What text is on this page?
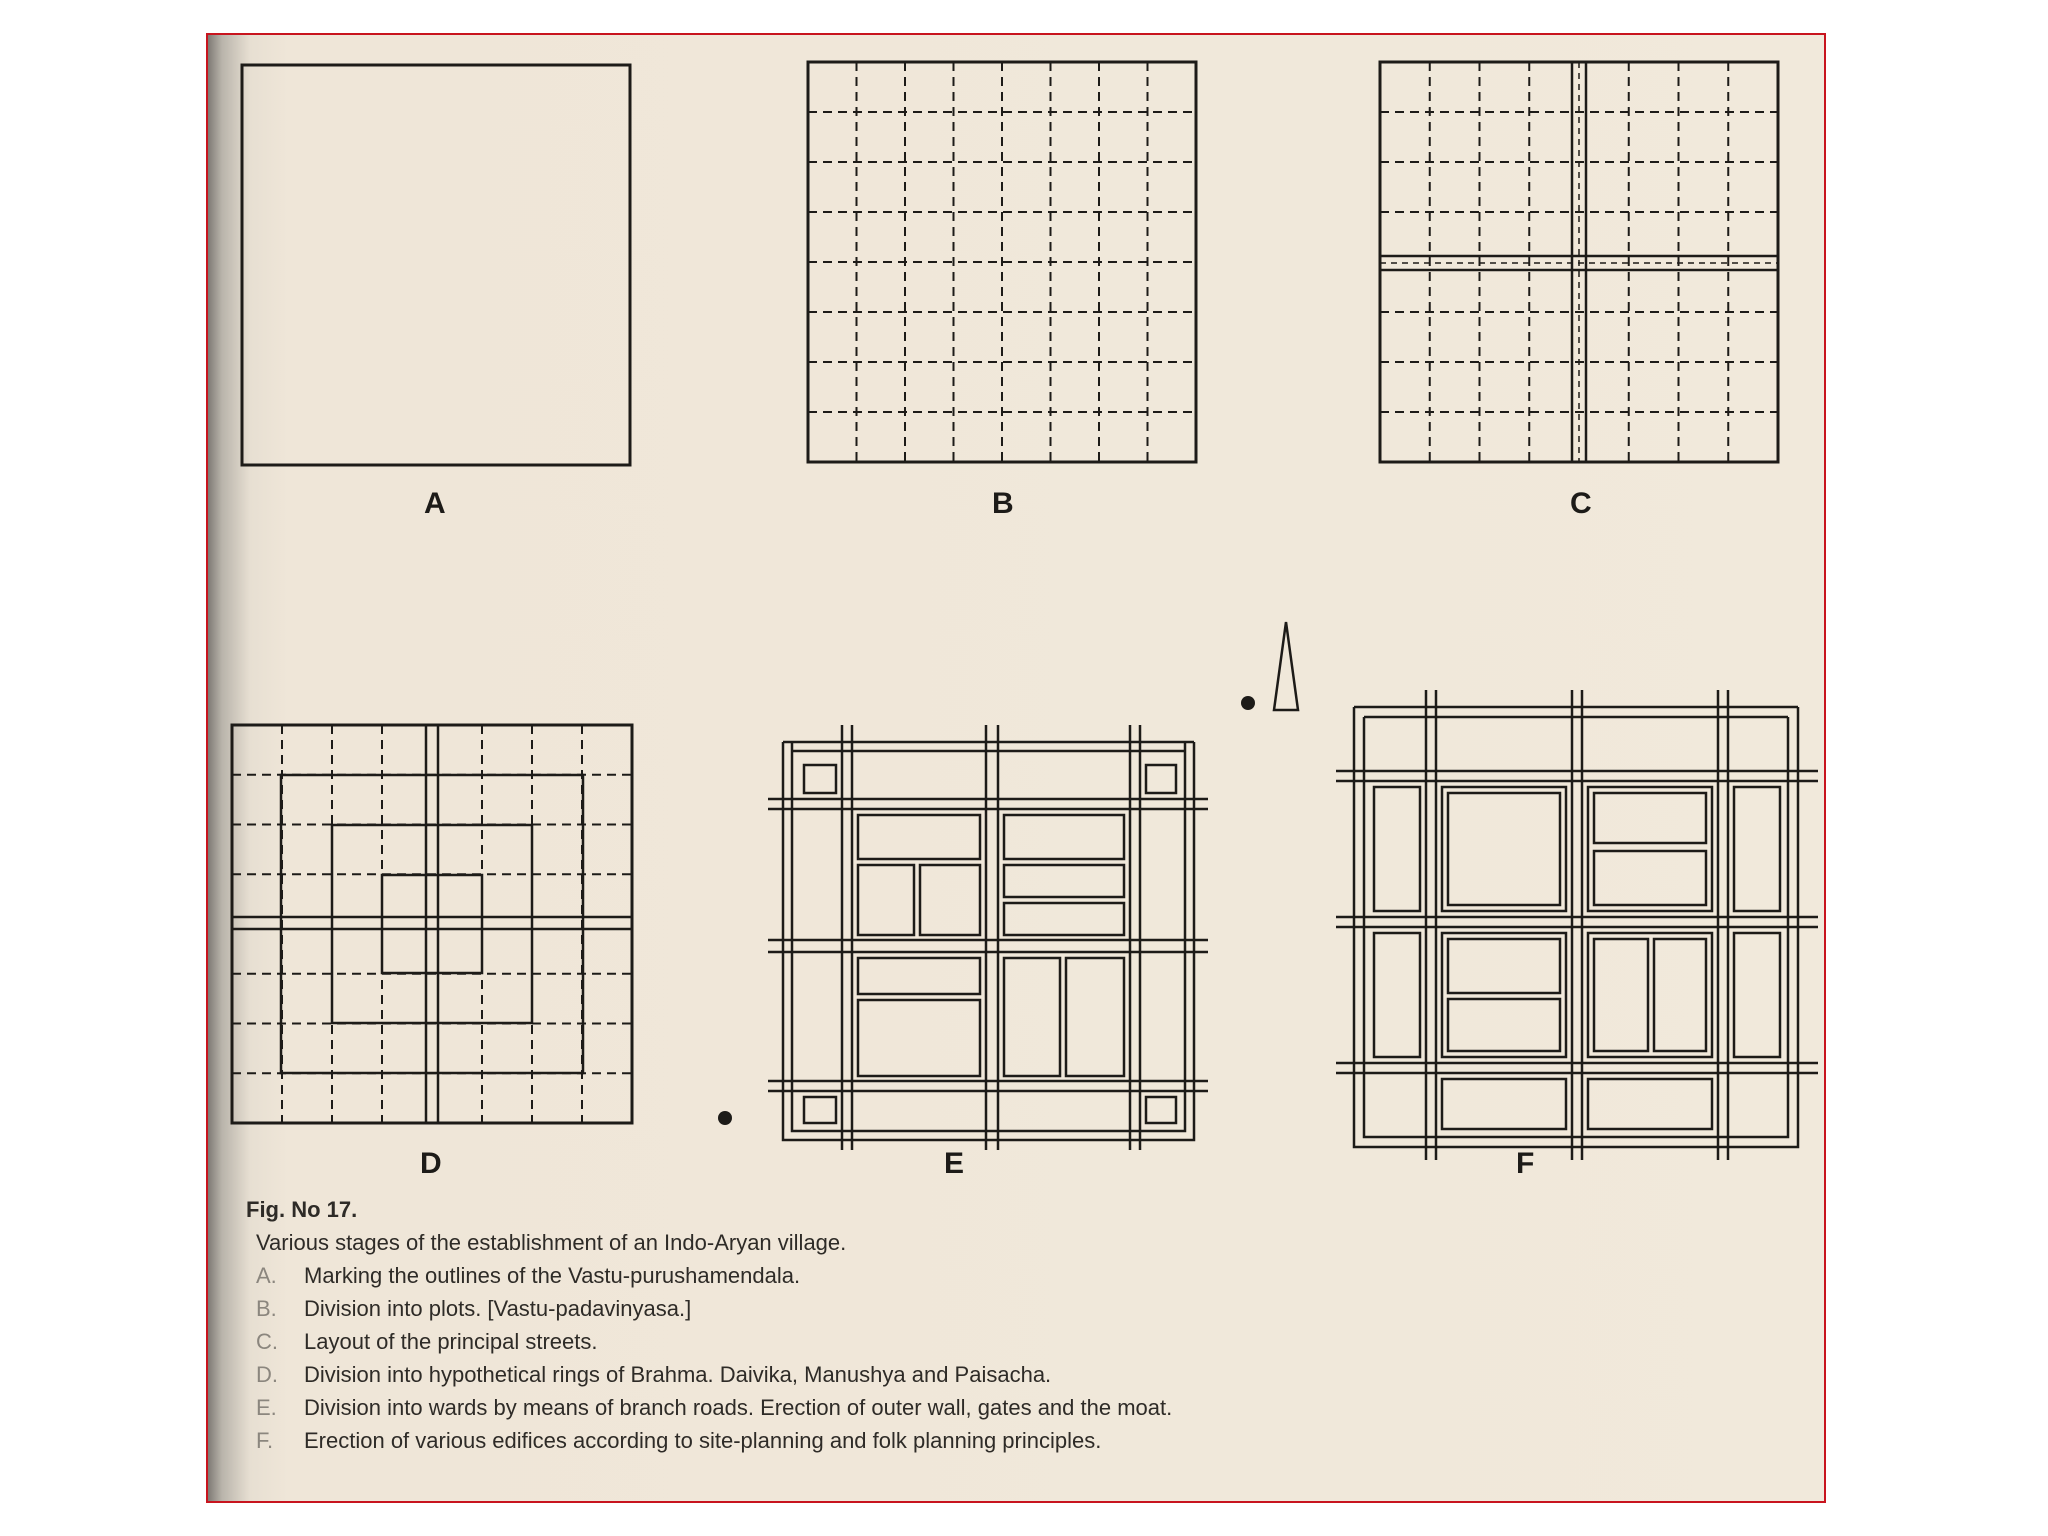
A	B	C
D	E	F
Fig. No 17.
Various stages of the establishment of an Indo-Aryan village.
A. Marking the outlines of the Vastu-purushamendala.
B. Division into plots. [Vastu-padavinyasa.]
C. Layout of the principal streets.
D. Division into hypothetical rings of Brahma. Daivika, Manushya and Paisacha.
E. Division into wards by means of branch roads. Erection of outer wall, gates and the moat.
F. Erection of various edifices according to site-planning and folk planning principles.
